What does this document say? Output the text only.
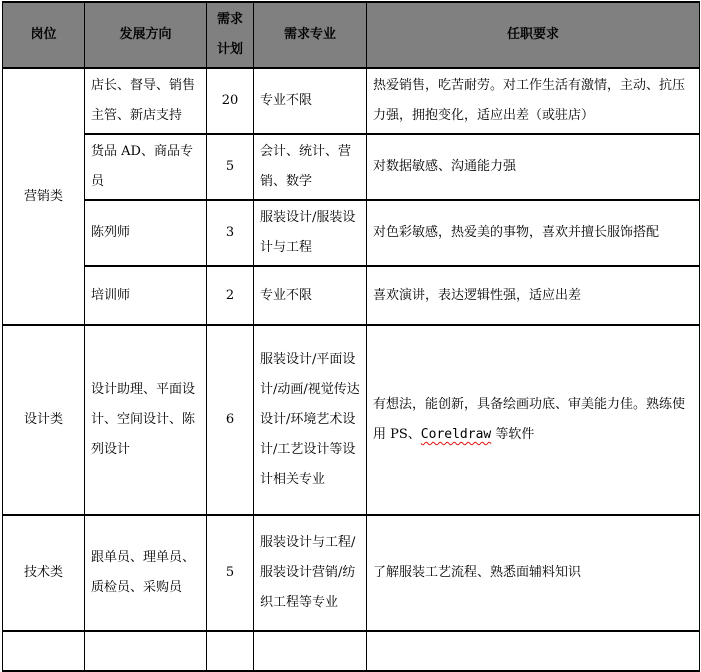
岗位	发展方向	需求计划	需求专业	任职要求
营销类	店长、督导、销售主管、新店支持	20	专业不限	热爱销售，吃苦耐劳。对工作生活有激情，主动、抗压力强，拥抱变化，适应出差（或驻店）
	货品 AD、商品专员	5	会计、统计、营销、数学	对数据敏感、沟通能力强
	陈列师	3	服装设计/服装设计与工程	对色彩敏感，热爱美的事物，喜欢并擅长服饰搭配
	培训师	2	专业不限	喜欢演讲，表达逻辑性强，适应出差
设计类	设计助理、平面设计、空间设计、陈列设计	6	服装设计/平面设计/动画/视觉传达设计/环境艺术设计/工艺设计等设计相关专业	有想法，能创新，具备绘画功底、审美能力佳。熟练使用 PS、Coreldraw 等软件
技术类	跟单员、理单员、质检员、采购员	5	服装设计与工程/服装设计营销/纺织工程等专业	了解服装工艺流程、熟悉面辅料知识
